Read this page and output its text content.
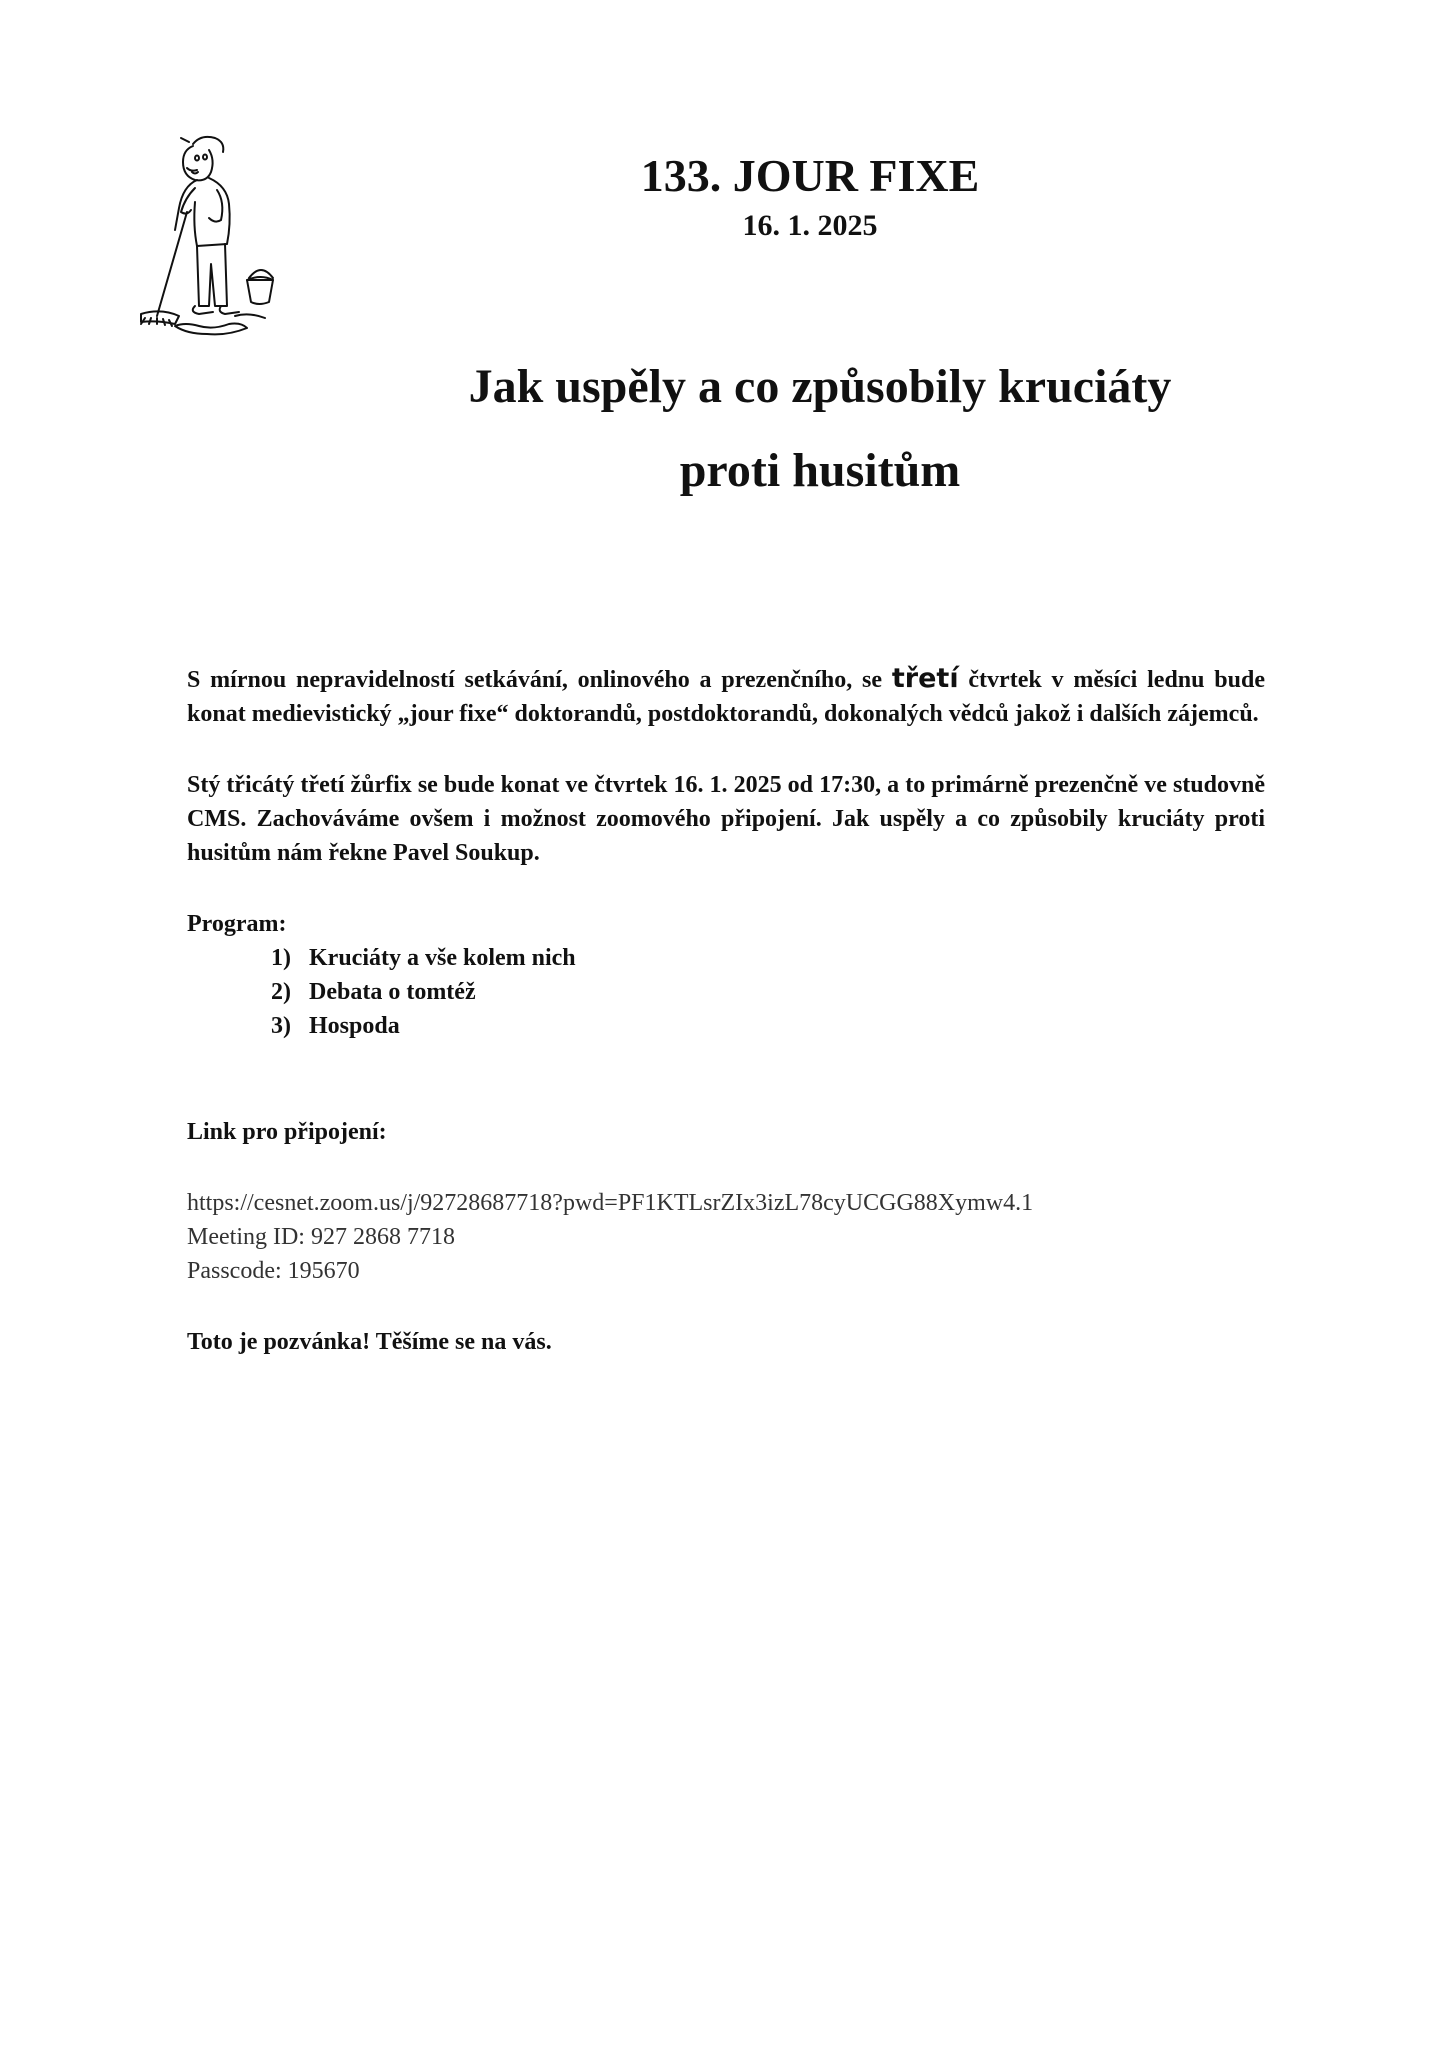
133. JOUR FIXE
16. 1. 2025
Jak uspěly a co způsobily kruciáty
proti husitům

S mírnou nepravidelností setkávání, onlinového a prezenčního, se třetí čtvrtek v měsíci lednu bude konat medievistický „jour fixe“ doktorandů, postdoktorandů, dokonalých vědců jakož i dalších zájemců.

Stý třicátý třetí žůrfix se bude konat ve čtvrtek 16. 1. 2025 od 17:30, a to primárně prezenčně ve studovně CMS. Zachováváme ovšem i možnost zoomového připojení. Jak uspěly a co způsobily kruciáty proti husitům nám řekne Pavel Soukup.

Program:

1) Kruciáty a vše kolem nich
2) Debata o tomtéž
3) Hospoda

Link pro připojení:

https://cesnet.zoom.us/j/92728687718?pwd=PF1KTLsrZIx3izL78cyUCGG88Xymw4.1
Meeting ID: 927 2868 7718
Passcode: 195670

Toto je pozvánka! Těšíme se na vás.
